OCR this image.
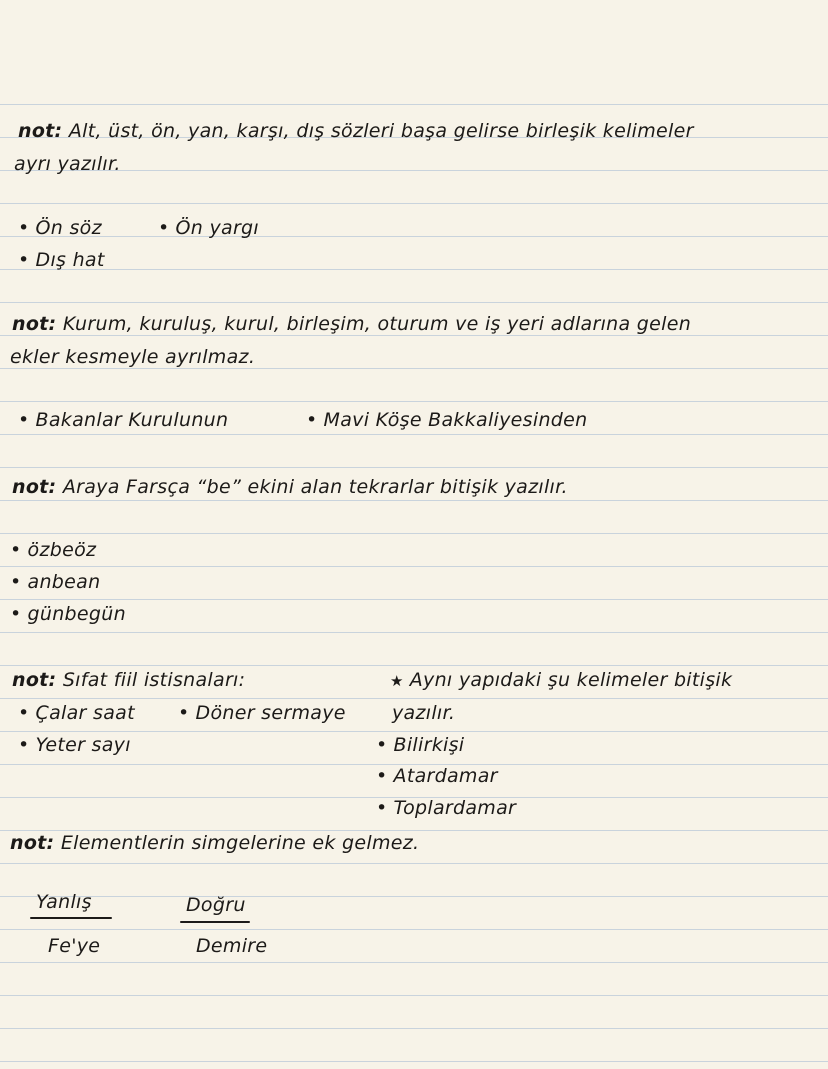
not: Alt, üst, ön, yan, karşı, dış sözleri başa gelirse birleşik kelimeler
ayrı yazılır.
• Ön söz	• Ön yargı
• Dış hat
not: Kurum, kuruluş, kurul, birleşim, oturum ve iş yeri adlarına gelen
ekler kesmeyle ayrılmaz.
• Bakanlar Kurulunun	• Mavi Köşe Bakkaliyesinden
not: Araya Farsça “be” ekini alan tekrarlar bitişik yazılır.
• özbeöz
• anbean
• günbegün
not: Sıfat fiil istisnaları:
• Çalar saat	• Döner sermaye
• Yeter sayı
★ Aynı yapıdaki şu kelimeler bitişik
yazılır.
• Bilirkişi
• Atardamar
• Toplardamar
not: Elementlerin simgelerine ek gelmez.
Yanlış	Doğru
Fe'ye	Demire
